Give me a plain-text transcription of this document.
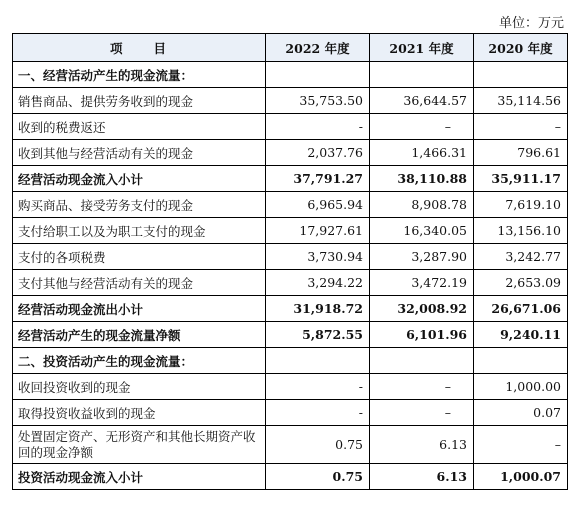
单位：万元
项　　目	2022 年度	2021 年度	2020 年度
一、经营活动产生的现金流量：			
销售商品、提供劳务收到的现金	35,753.50	36,644.57	35,114.56
收到的税费返还	-	–	–
收到其他与经营活动有关的现金	2,037.76	1,466.31	796.61
经营活动现金流入小计	37,791.27	38,110.88	35,911.17
购买商品、接受劳务支付的现金	6,965.94	8,908.78	7,619.10
支付给职工以及为职工支付的现金	17,927.61	16,340.05	13,156.10
支付的各项税费	3,730.94	3,287.90	3,242.77
支付其他与经营活动有关的现金	3,294.22	3,472.19	2,653.09
经营活动现金流出小计	31,918.72	32,008.92	26,671.06
经营活动产生的现金流量净额	5,872.55	6,101.96	9,240.11
二、投资活动产生的现金流量：			
收回投资收到的现金	-	–	1,000.00
取得投资收益收到的现金	-	–	0.07
处置固定资产、无形资产和其他长期资产收回的现金净额	0.75	6.13	–
投资活动现金流入小计	0.75	6.13	1,000.07
